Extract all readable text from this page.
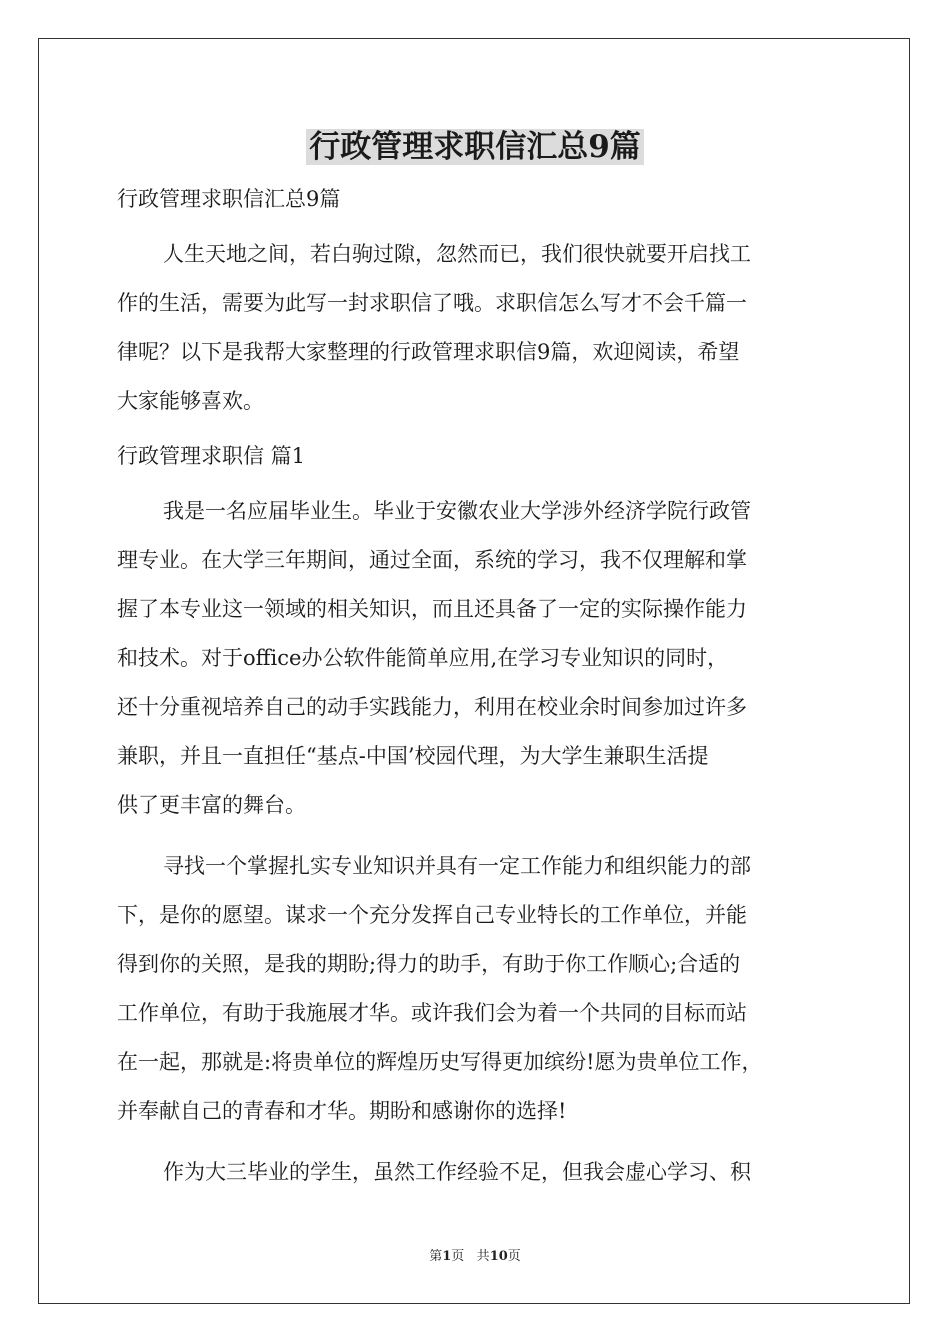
行政管理求职信汇总9篇

行政管理求职信汇总9篇

人生天地之间，若白驹过隙，忽然而已，我们很快就要开启找工

作的生活，需要为此写一封求职信了哦。求职信怎么写才不会千篇一

律呢？以下是我帮大家整理的行政管理求职信9篇，欢迎阅读，希望

大家能够喜欢。

行政管理求职信 篇1

我是一名应届毕业生。毕业于安徽农业大学涉外经济学院行政管

理专业。在大学三年期间，通过全面，系统的学习，我不仅理解和掌

握了本专业这一领域的相关知识，而且还具备了一定的实际操作能力

和技术。对于office办公软件能简单应用,在学习专业知识的同时，

还十分重视培养自己的动手实践能力，利用在校业余时间参加过许多

兼职，并且一直担任“基点-中国’校园代理，为大学生兼职生活提

供了更丰富的舞台。

寻找一个掌握扎实专业知识并具有一定工作能力和组织能力的部

下，是你的愿望。谋求一个充分发挥自己专业特长的工作单位，并能

得到你的关照，是我的期盼;得力的助手，有助于你工作顺心;合适的

工作单位，有助于我施展才华。或许我们会为着一个共同的目标而站

在一起，那就是:将贵单位的辉煌历史写得更加缤纷!愿为贵单位工作，

并奉献自己的青春和才华。期盼和感谢你的选择!

作为大三毕业的学生，虽然工作经验不足，但我会虚心学习、积

第1页 共10页
